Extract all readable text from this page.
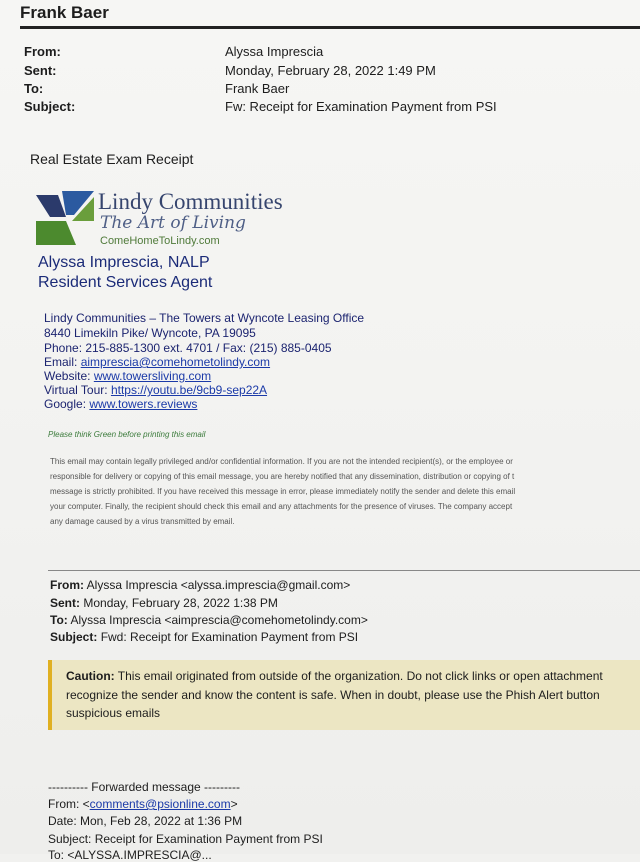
Frank Baer
From:	Alyssa Imprescia
Sent:	Monday, February 28, 2022 1:49 PM
To:	Frank Baer
Subject:	Fw: Receipt for Examination Payment from PSI
Real Estate Exam Receipt
Lindy Communities
The Art of Living
ComeHomeToLindy.com
Alyssa Imprescia, NALP
Resident Services Agent
Lindy Communities – The Towers at Wyncote Leasing Office
8440 Limekiln Pike/ Wyncote, PA 19095
Phone: 215-885-1300 ext. 4701 / Fax: (215) 885-0405
Email: aimprescia@comehometolindy.com
Website: www.towersliving.com
Virtual Tour: https://youtu.be/9cb9-sep22A
Google: www.towers.reviews
Please think Green before printing this email
This email may contain legally privileged and/or confidential information. If you are not the intended recipient(s), or the employee or
responsible for delivery or copying of this email message, you are hereby notified that any dissemination, distribution or copying of t
message is strictly prohibited. If you have received this message in error, please immediately notify the sender and delete this email
your computer. Finally, the recipient should check this email and any attachments for the presence of viruses. The company accept
any damage caused by a virus transmitted by email.
From: Alyssa Imprescia <alyssa.imprescia@gmail.com>
Sent: Monday, February 28, 2022 1:38 PM
To: Alyssa Imprescia <aimprescia@comehometolindy.com>
Subject: Fwd: Receipt for Examination Payment from PSI
Caution: This email originated from outside of the organization. Do not click links or open attachment
recognize the sender and know the content is safe. When in doubt, please use the Phish Alert button
suspicious emails
---------- Forwarded message ---------
From: <comments@psionline.com>
Date: Mon, Feb 28, 2022 at 1:36 PM
Subject: Receipt for Examination Payment from PSI
To: <ALYSSA.IMPRESCIA@...
